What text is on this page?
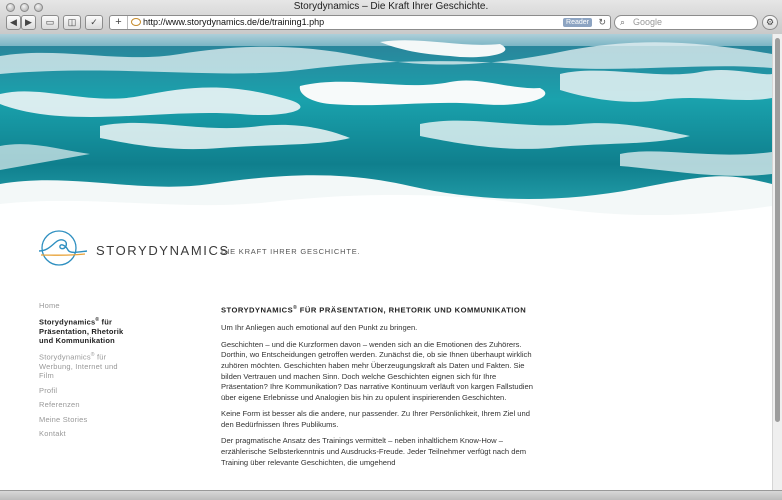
Storydynamics – Die Kraft Ihrer Geschichte.
◀ ▶ ▭ ◫ ✓	+	http://www.storydynamics.de/de/training1.php	Reader	↻ ⌕ Google	⚙
STORYDYNAMICS
DIE KRAFT IHRER GESCHICHTE.
Home
Storydynamics® für Präsentation, Rhetorik und Kommunikation
Storydynamics® für Werbung, Internet und Film
Profil
Referenzen
Meine Stories
Kontakt
STORYDYNAMICS® FÜR PRÄSENTATION, RHETORIK UND KOMMUNIKATION

Um Ihr Anliegen auch emotional auf den Punkt zu bringen.

Geschichten – und die Kurzformen davon – wenden sich an die Emotionen des Zuhörers. Dorthin, wo Entscheidungen getroffen werden. Zunächst die, ob sie Ihnen überhaupt wirklich zuhören möchten. Geschichten haben mehr Überzeugungskraft als Daten und Fakten. Sie bilden Vertrauen und machen Sinn. Doch welche Geschichten eignen sich für Ihre Präsentation? Ihre Kommunikation? Das narrative Kontinuum verläuft von kargen Fallstudien über eigene Erlebnisse und Analogien bis hin zu opulent inspirierenden Geschichten.

Keine Form ist besser als die andere, nur passender. Zu Ihrer Persönlichkeit, Ihrem Ziel und den Bedürfnissen Ihres Publikums.

Der pragmatische Ansatz des Trainings vermittelt – neben inhaltlichem Know-How – erzählerische Selbsterkenntnis und Ausdrucks-Freude. Jeder Teilnehmer verfügt nach dem Training über relevante Geschichten, die umgehend
